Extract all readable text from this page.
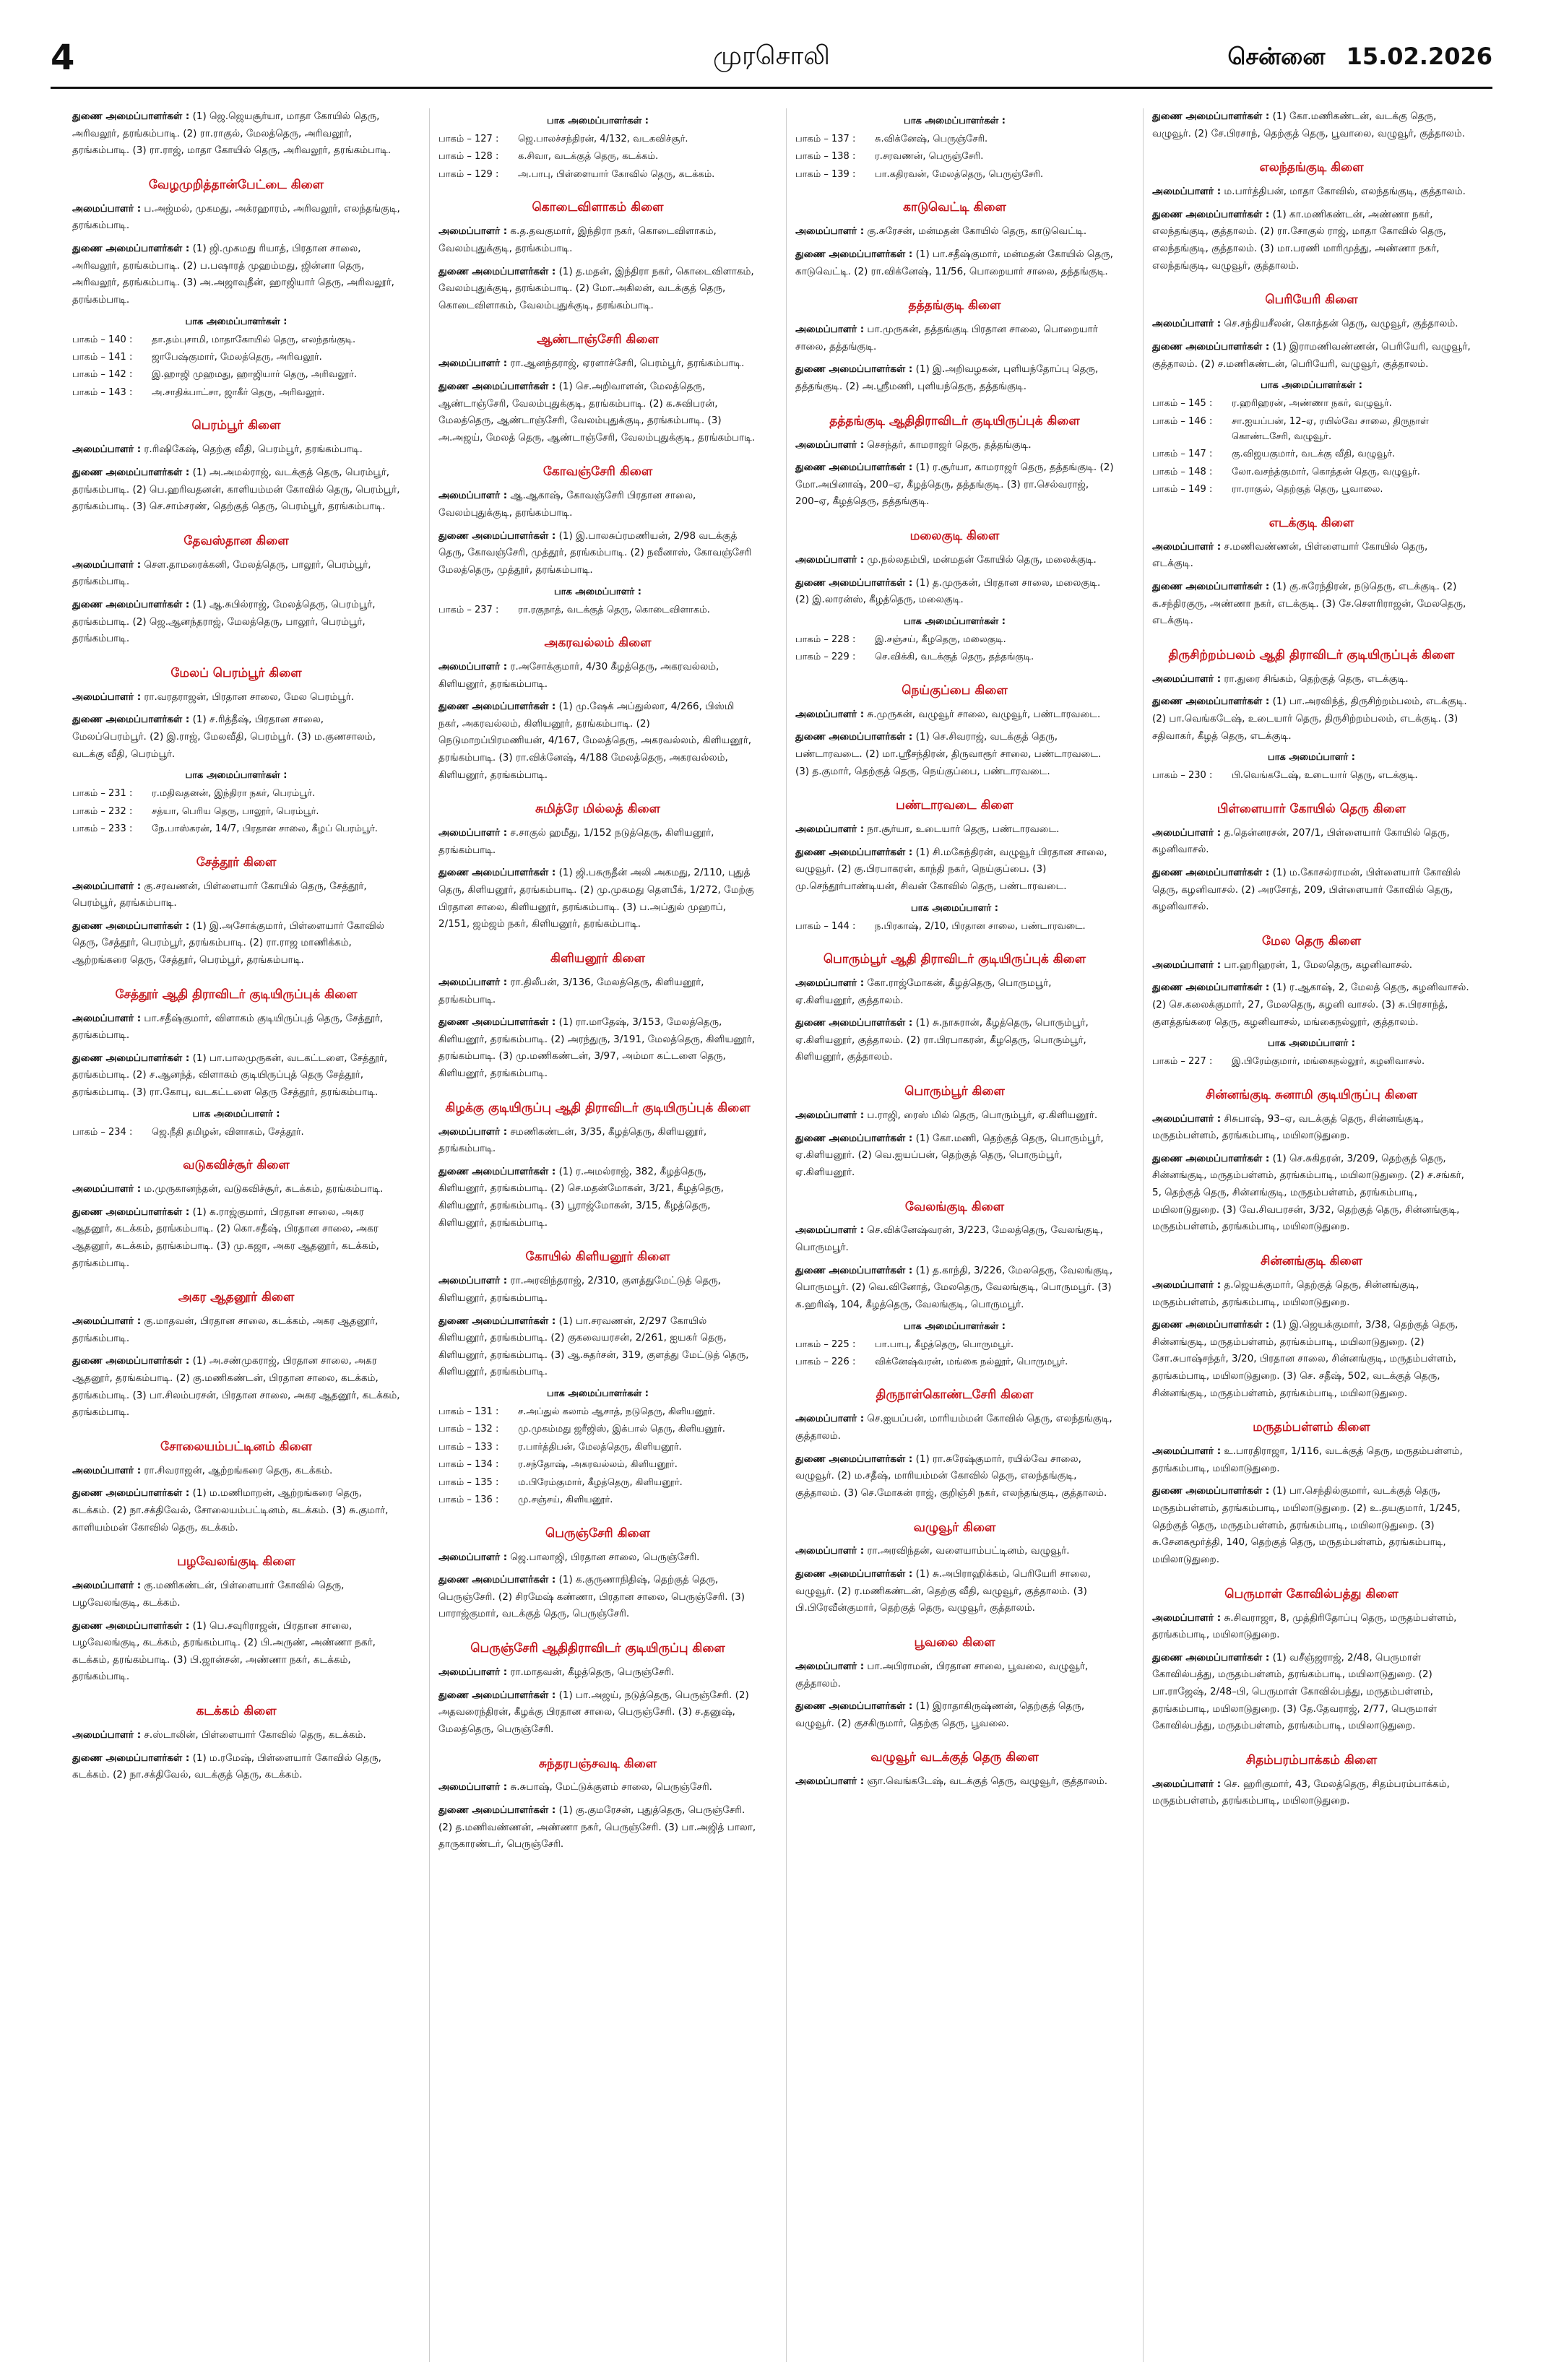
4	முரசொலி	சென்னை 15.02.2026

துணை அமைப்பாளர்கள் : (1) ஜெ.ஜெயசூர்யா, மாதா கோயில் தெரு, அரிவலூர், தரங்கம்பாடி. (2) ரா.ராகுல், மேலத்தெரு, அரிவலூர், தரங்கம்பாடி. (3) ரா.ராஜ், மாதா கோயில் தெரு, அரிவலூர், தரங்கம்பாடி.

வேழமுறித்தான்பேட்டை கிளை

அமைப்பாளர் : ப.அஜ்மல், முகமது, அக்ரஹாரம், அரிவலூர், எலந்தங்குடி, தரங்கம்பாடி.

துணை அமைப்பாளர்கள் : (1) ஜி.முகமது ரியாத், பிரதான சாலை, அரிவலூர், தரங்கம்பாடி. (2) ப.பஷாரத் முஹம்மது, ஜின்னா தெரு, அரிவலூர், தரங்கம்பாடி. (3) அ.அஜாவுதீன், ஹாஜியார் தெரு, அரிவலூர், தரங்கம்பாடி.

பாக அமைப்பாளர்கள் :
பாகம் – 140 :	தா.தம்புசாமி, மாதாகோயில் தெரு, எலந்தங்குடி.
பாகம் – 141 :	ஜாபேஷ்குமார், மேலத்தெரு, அரிவலூர்.
பாகம் – 142 :	இ.ஹாஜி முஹமது, ஹாஜியார் தெரு, அரிவலூர்.
பாகம் – 143 :	அ.சாதிக்பாட்சா, ஜாகீர் தெரு, அரிவலூர்.
பெரம்பூர் கிளை

அமைப்பாளர் : ர.ரிஷிகேஷ், தெற்கு வீதி, பெரம்பூர், தரங்கம்பாடி.

துணை அமைப்பாளர்கள் : (1) அ.அமல்ராஜ், வடக்குத் தெரு, பெரம்பூர், தரங்கம்பாடி. (2) பெ.ஹரிவதனன், காளியம்மன் கோவில் தெரு, பெரம்பூர், தரங்கம்பாடி. (3) செ.சாம்சரண், தெற்குத் தெரு, பெரம்பூர், தரங்கம்பாடி.

தேவஸ்தான கிளை

அமைப்பாளர் : செள.தாமரைக்கனி, மேலத்தெரு, பாலூர், பெரம்பூர், தரங்கம்பாடி.

துணை அமைப்பாளர்கள் : (1) ஆ.சுபில்ராஜ், மேலத்தெரு, பெரம்பூர், தரங்கம்பாடி. (2) ஜெ.ஆனந்தராஜ், மேலத்தெரு, பாலூர், பெரம்பூர், தரங்கம்பாடி.

மேலப் பெரம்பூர் கிளை

அமைப்பாளர் : ரா.வரதராஜன், பிரதான சாலை, மேல பெரம்பூர்.

துணை அமைப்பாளர்கள் : (1) ச.ரித்தீஷ், பிரதான சாலை, மேலப்பெரம்பூர். (2) இ.ராஜ், மேலவீதி, பெரம்பூர். (3) ம.குணசாலம், வடக்கு வீதி, பெரம்பூர்.

பாக அமைப்பாளர்கள் :
பாகம் – 231 :	ர.மதிவதனன், இந்திரா நகர், பெரம்பூர்.
பாகம் – 232 :	சத்யா, பெரிய தெரு, பாலூர், பெரம்பூர்.
பாகம் – 233 :	நே.பாஸ்கரன், 14/7, பிரதான சாலை, கீழப் பெரம்பூர்.
சேத்தூர் கிளை

அமைப்பாளர் : கு.சரவணன், பிள்ளையார் கோயில் தெரு, சேத்தூர், பெரம்பூர், தரங்கம்பாடி.

துணை அமைப்பாளர்கள் : (1) இ.அசோக்குமார், பிள்ளையார் கோவில் தெரு, சேத்தூர், பெரம்பூர், தரங்கம்பாடி. (2) ரா.ராஜ மாணிக்கம், ஆற்றங்கரை தெரு, சேத்தூர், பெரம்பூர், தரங்கம்பாடி.

சேத்தூர் ஆதி திராவிடர் குடியிருப்புக் கிளை

அமைப்பாளர் : பா.சதீஷ்குமார், விளாகம் குடியிருப்புத் தெரு, சேத்தூர், தரங்கம்பாடி.

துணை அமைப்பாளர்கள் : (1) பா.பாலமுருகன், வடகட்டளை, சேத்தூர், தரங்கம்பாடி. (2) ச.ஆனந்த், விளாகம் குடியிருப்புத் தெரு சேத்தூர், தரங்கம்பாடி. (3) ரா.கோபு, வடகட்டளை தெரு சேத்தூர், தரங்கம்பாடி.

பாக அமைப்பாளர் :
பாகம் – 234 :	ஜெ.நீதி தமிழன், விளாகம், சேத்தூர்.
வடுகவிச்சூர் கிளை

அமைப்பாளர் : ம.முருகானந்தன், வடுகவிச்சூர், கடக்கம், தரங்கம்பாடி.

துணை அமைப்பாளர்கள் : (1) க.ராஜ்குமார், பிரதான சாலை, அகர ஆதனூர், கடக்கம், தரங்கம்பாடி. (2) கொ.சதீஷ், பிரதான சாலை, அகர ஆதனூர், கடக்கம், தரங்கம்பாடி. (3) மு.கஜா, அகர ஆதனூர், கடக்கம், தரங்கம்பாடி.

அகர ஆதனூர் கிளை

அமைப்பாளர் : கு.மாதவன், பிரதான சாலை, கடக்கம், அகர ஆதனூர், தரங்கம்பாடி.

துணை அமைப்பாளர்கள் : (1) அ.சண்முகராஜ், பிரதான சாலை, அகர ஆதனூர், தரங்கம்பாடி. (2) கு.மணிகண்டன், பிரதான சாலை, கடக்கம், தரங்கம்பாடி. (3) பா.சிலம்பரசன், பிரதான சாலை, அகர ஆதனூர், கடக்கம், தரங்கம்பாடி.

சோலையம்பட்டினம் கிளை

அமைப்பாளர் : ரா.சிவராஜன், ஆற்றங்கரை தெரு, கடக்கம்.

துணை அமைப்பாளர்கள் : (1) ம.மணிமாறன், ஆற்றங்கரை தெரு, கடக்கம். (2) நா.சக்திவேல், சோலையம்பட்டினம், கடக்கம். (3) சு.குமார், காளியம்மன் கோவில் தெரு, கடக்கம்.

பழவேலங்குடி கிளை

அமைப்பாளர் : கு.மணிகண்டன், பிள்ளையார் கோவில் தெரு, பழவேலங்குடி, கடக்கம்.

துணை அமைப்பாளர்கள் : (1) பெ.சவுரிராஜன், பிரதான சாலை, பழவேலங்குடி, கடக்கம், தரங்கம்பாடி. (2) பி.அருண், அண்ணா நகர், கடக்கம், தரங்கம்பாடி. (3) பி.ஜான்சன், அண்ணா நகர், கடக்கம், தரங்கம்பாடி.

கடக்கம் கிளை

அமைப்பாளர் : ச.ஸ்டாலின், பிள்ளையார் கோவில் தெரு, கடக்கம்.

துணை அமைப்பாளர்கள் : (1) ம.ரமேஷ், பிள்ளையார் கோவில் தெரு, கடக்கம். (2) நா.சக்திவேல், வடக்குத் தெரு, கடக்கம்.

பாக அமைப்பாளர்கள் :
பாகம் – 127 :	ஜெ.பாலச்சந்திரன், 4/132, வடகவிச்சூர்.
பாகம் – 128 :	க.சிவா, வடக்குத் தெரு, கடக்கம்.
பாகம் – 129 :	அ.பாபு, பிள்ளையார் கோவில் தெரு, கடக்கம்.
கொடைவிளாகம் கிளை

அமைப்பாளர் : க.த.தவகுமார், இந்திரா நகர், கொடைவிளாகம், வேலம்புதுக்குடி, தரங்கம்பாடி.

துணை அமைப்பாளர்கள் : (1) த.மதன், இந்திரா நகர், கொடைவிளாகம், வேலம்புதுக்குடி, தரங்கம்பாடி. (2) மோ.அகிலன், வடக்குத் தெரு, கொடைவிளாகம், வேலம்புதுக்குடி, தரங்கம்பாடி.

ஆண்டாஞ்சேரி கிளை

அமைப்பாளர் : ரா.ஆனந்தராஜ், ஏரளாச்சேரி, பெரம்பூர், தரங்கம்பாடி.

துணை அமைப்பாளர்கள் : (1) செ.அறிவாளன், மேலத்தெரு, ஆண்டாஞ்சேரி, வேலம்புதுக்குடி, தரங்கம்பாடி. (2) க.சுவிபரன், மேலத்தெரு, ஆண்டாஞ்சேரி, வேலம்புதுக்குடி, தரங்கம்பாடி. (3) அ.அஜய், மேலத் தெரு, ஆண்டாஞ்சேரி, வேலம்புதுக்குடி, தரங்கம்பாடி.

கோவஞ்சேரி கிளை

அமைப்பாளர் : ஆ.ஆகாஷ், கோவஞ்சேரி பிரதான சாலை, வேலம்புதுக்குடி, தரங்கம்பாடி.

துணை அமைப்பாளர்கள் : (1) இ.பாலசுப்ரமணியன், 2/98 வடக்குத் தெரு, கோவஞ்சேரி, முத்தூர், தரங்கம்பாடி. (2) நவீனாஸ், கோவஞ்சேரி மேலத்தெரு, முத்தூர், தரங்கம்பாடி.

பாக அமைப்பாளர் :
பாகம் – 237 :	ரா.ரகுநாத், வடக்குத் தெரு, கொடைவிளாகம்.
அகரவல்லம் கிளை

அமைப்பாளர் : ர.அசோக்குமார், 4/30 கீழத்தெரு, அகரவல்லம், கிளியனூர், தரங்கம்பாடி.

துணை அமைப்பாளர்கள் : (1) மு.ஷேக் அப்துல்லா, 4/266, பிஸ்மி நகர், அகரவல்லம், கிளியனூர், தரங்கம்பாடி. (2) நெடுமாறப்பிரமணியன், 4/167, மேலத்தெரு, அகரவல்லம், கிளியனூர், தரங்கம்பாடி. (3) ரா.விக்னேஷ், 4/188 மேலத்தெரு, அகரவல்லம், கிளியனூர், தரங்கம்பாடி.

சுமித்ரே மில்லத் கிளை

அமைப்பாளர் : ச.சாகுல் ஹமீது, 1/152 நடுத்தெரு, கிளியனூர், தரங்கம்பாடி.

துணை அமைப்பாளர்கள் : (1) ஜி.பசுருதீன் அலி அகமது, 2/110, புதுத் தெரு, கிளியனூர், தரங்கம்பாடி. (2) மு.முகமது தௌபீக், 1/272, மேற்கு பிரதான சாலை, கிளியனூர், தரங்கம்பாடி. (3) ப.அப்துல் முஹாப், 2/151, ஜம்ஜம் நகர், கிளியனூர், தரங்கம்பாடி.

கிளியனூர் கிளை

அமைப்பாளர் : ரா.திலீபன், 3/136, மேலத்தெரு, கிளியனூர், தரங்கம்பாடி.

துணை அமைப்பாளர்கள் : (1) ரா.மாதேஷ், 3/153, மேலத்தெரு, கிளியனூர், தரங்கம்பாடி. (2) அரந்துரு, 3/191, மேலத்தெரு, கிளியனூர், தரங்கம்பாடி. (3) மு.மணிகண்டன், 3/97, அம்மா கட்டளை தெரு, கிளியனூர், தரங்கம்பாடி.

கிழக்கு குடியிருப்பு ஆதி திராவிடர் குடியிருப்புக் கிளை

அமைப்பாளர் : சமணிகண்டன், 3/35, கீழத்தெரு, கிளியனூர், தரங்கம்பாடி.

துணை அமைப்பாளர்கள் : (1) ர.அமல்ராஜ், 382, கீழத்தெரு, கிளியனூர், தரங்கம்பாடி. (2) செ.மதன்மோகன், 3/21, கீழத்தெரு, கிளியனூர், தரங்கம்பாடி. (3) பூராஜ்மோகன், 3/15, கீழத்தெரு, கிளியனூர், தரங்கம்பாடி.

கோயில் கிளியனூர் கிளை

அமைப்பாளர் : ரா.அரவிந்தராஜ், 2/310, குளத்துமேட்டுத் தெரு, கிளியனூர், தரங்கம்பாடி.

துணை அமைப்பாளர்கள் : (1) பா.சரவணன், 2/297 கோயில் கிளியனூர், தரங்கம்பாடி. (2) குகவையரசன், 2/261, ஐயகர் தெரு, கிளியனூர், தரங்கம்பாடி. (3) ஆ.சுதர்சன், 319, குளத்து மேட்டுத் தெரு, கிளியனூர், தரங்கம்பாடி.

பாக அமைப்பாளர்கள் :
பாகம் – 131 :	ச.அப்துல் கலாம் ஆசாத், நடுதெரு, கிளியனூர்.
பாகம் – 132 :	மு.முகம்மது ஜரீஜிஸ், இக்பால் தெரு, கிளியனூர்.
பாகம் – 133 :	ர.பார்த்திபன், மேலத்தெரு, கிளியனூர்.
பாகம் – 134 :	ர.சந்தோஷ், அகரவல்லம், கிளியனூர்.
பாகம் – 135 :	ம.பிரேம்குமார், கீழத்தெரு, கிளியனூர்.
பாகம் – 136 :	மு.சஞ்சய், கிளியனூர்.
பெருஞ்சேரி கிளை

அமைப்பாளர் : ஜெ.பாலாஜி, பிரதான சாலை, பெருஞ்சேரி.

துணை அமைப்பாளர்கள் : (1) க.குருணாநிதிஷ், தெற்குத் தெரு, பெருஞ்சேரி. (2) சிரமேஷ் கண்ணா, பிரதான சாலை, பெருஞ்சேரி. (3) பாராஜ்குமார், வடக்குத் தெரு, பெருஞ்சேரி.

பெருஞ்சேரி ஆதிதிராவிடர் குடியிருப்பு கிளை

அமைப்பாளர் : ரா.மாதவன், கீழத்தெரு, பெருஞ்சேரி.

துணை அமைப்பாளர்கள் : (1) பா.அஜய், நடுத்தெரு, பெருஞ்சேரி. (2) அதவரைந்திரன், கீழக்கு பிரதான சாலை, பெருஞ்சேரி. (3) ச.தனுஷ், மேலத்தெரு, பெருஞ்சேரி.

சுந்தரபஞ்சவடி கிளை

அமைப்பாளர் : சு.சுபாஷ், மேட்டுக்குளம் சாலை, பெருஞ்சேரி.

துணை அமைப்பாளர்கள் : (1) கு.குமரேசன், புதுத்தெரு, பெருஞ்சேரி. (2) த.மணிவண்ணன், அண்ணா நகர், பெருஞ்சேரி. (3) பா.அஜித் பாலா, தாருகாரண்டர், பெருஞ்சேரி.

பாக அமைப்பாளர்கள் :
பாகம் – 137 :	சு.விக்னேஷ், பெருஞ்சேரி.
பாகம் – 138 :	ர.சரவணன், பெருஞ்சேரி.
பாகம் – 139 :	பா.கதிரவன், மேலத்தெரு, பெருஞ்சேரி.
காடுவெட்டி கிளை

அமைப்பாளர் : கு.சுரேசன், மன்மதன் கோயில் தெரு, காடுவெட்டி.

துணை அமைப்பாளர்கள் : (1) பா.சதீஷ்குமார், மன்மதன் கோயில் தெரு, காடுவெட்டி. (2) ரா.விக்னேஷ், 11/56, பொறையார் சாலை, தத்தங்குடி.

தத்தங்குடி கிளை

அமைப்பாளர் : பா.முருகன், தத்தங்குடி பிரதான சாலை, பொறையார் சாலை, தத்தங்குடி.

துணை அமைப்பாளர்கள் : (1) இ.அறிவழகன், புளியந்தோப்பு தெரு, தத்தங்குடி. (2) அ.ஸ்ரீமணி, புளியந்தெரு, தத்தங்குடி.

தத்தங்குடி ஆதிதிராவிடர் குடியிருப்புக் கிளை

அமைப்பாளர் : செசந்தர், காமராஜர் தெரு, தத்தங்குடி.

துணை அமைப்பாளர்கள் : (1) ர.சூர்யா, காமராஜர் தெரு, தத்தங்குடி. (2) மோ.அபினாஷ், 200–ஏ, கீழத்தெரு, தத்தங்குடி. (3) ரா.செல்வராஜ், 200–ஏ, கீழத்தெரு, தத்தங்குடி.

மலைகுடி கிளை

அமைப்பாளர் : மு.நல்லதம்பி, மன்மதன் கோயில் தெரு, மலைக்குடி.

துணை அமைப்பாளர்கள் : (1) த.முருகன், பிரதான சாலை, மலைகுடி. (2) இ.லாரன்ஸ், கீழத்தெரு, மலைகுடி.

பாக அமைப்பாளர்கள் :
பாகம் – 228 :	இ.சஞ்சய், கீழதெரு, மலைகுடி.
பாகம் – 229 :	செ.விக்கி, வடக்குத் தெரு, தத்தங்குடி.
நெய்குப்பை கிளை

அமைப்பாளர் : சு.முருகன், வழுவூர் சாலை, வழுவூர், பண்டாரவடை.

துணை அமைப்பாளர்கள் : (1) செ.சிவராஜ், வடக்குத் தெரு, பண்டாரவடை. (2) மா.ஸ்ரீசந்திரன், திருவாரூர் சாலை, பண்டாரவடை. (3) த.குமார், தெற்குத் தெரு, நெய்குப்பை, பண்டாரவடை.

பண்டாரவடை கிளை

அமைப்பாளர் : நா.சூர்யா, உடையார் தெரு, பண்டாரவடை.

துணை அமைப்பாளர்கள் : (1) சி.மகேந்திரன், வழுவூர் பிரதான சாலை, வழுவூர். (2) கு.பிரபாகரன், காந்தி நகர், நெய்குப்பை. (3) மு.செந்தூர்பாண்டியன், சிவன் கோவில் தெரு, பண்டாரவடை.

பாக அமைப்பாளர் :
பாகம் – 144 :	ந.பிரகாஷ், 2/10, பிரதான சாலை, பண்டாரவடை.
பொரும்பூர் ஆதி திராவிடர் குடியிருப்புக் கிளை

அமைப்பாளர் : கோ.ராஜ்மோகன், கீழத்தெரு, பொருமபூர், ஏ.கிளியனூர், குத்தாலம்.

துணை அமைப்பாளர்கள் : (1) சு.நாசுரான், கீழத்தெரு, பொரும்பூர், ஏ.கிளியனூர், குத்தாலம். (2) ரா.பிரபாகரன், கீழதெரு, பொரும்பூர், கிளியனூர், குத்தாலம்.

பொரும்பூர் கிளை

அமைப்பாளர் : ப.ராஜி, ரைஸ் மில் தெரு, பொரும்பூர், ஏ.கிளியனூர்.

துணை அமைப்பாளர்கள் : (1) கோ.மணி, தெற்குத் தெரு, பொரும்பூர், ஏ.கிளியனூர். (2) வெ.ஐயப்பன், தெற்குத் தெரு, பொரும்பூர், ஏ.கிளியனூர்.

வேலங்குடி கிளை

அமைப்பாளர் : செ.விக்னேஷ்வரன், 3/223, மேலத்தெரு, வேலங்குடி, பொருமபூர்.

துணை அமைப்பாளர்கள் : (1) த.காந்தி, 3/226, மேலதெரு, வேலங்குடி, பொருமபூர். (2) வெ.வினோத், மேலதெரு, வேலங்குடி, பொருமபூர். (3) க.ஹரிஷ், 104, கீழத்தெரு, வேலங்குடி, பொருமபூர்.

பாக அமைப்பாளர்கள் :
பாகம் – 225 :	பா.பாபு, கீழத்தெரு, பொருமபூர்.
பாகம் – 226 :	விக்னேஷ்வரன், மங்கை நல்லூர், பொருமபூர்.
திருநாள்கொண்டசேரி கிளை

அமைப்பாளர் : செ.ஐயப்பன், மாரியம்மன் கோவில் தெரு, எலந்தங்குடி, குத்தாலம்.

துணை அமைப்பாளர்கள் : (1) ரா.சுரேஷ்குமார், ரயில்வே சாலை, வழுவூர். (2) ம.சதீஷ், மாரியம்மன் கோவில் தெரு, எலந்தங்குடி, குத்தாலம். (3) செ.மோகன் ராஜ், குறிஞ்சி நகர், எலந்தங்குடி, குத்தாலம்.

வழுவூர் கிளை

அமைப்பாளர் : ரா.அரவிந்தன், வளையாம்பட்டினம், வழுவூர்.

துணை அமைப்பாளர்கள் : (1) சு.அபிராஹிக்கம், பெரியேரி சாலை, வழுவூர். (2) ர.மணிகண்டன், தெற்கு வீதி, வழுவூர், குத்தாலம். (3) பி.பிரேவீன்குமார், தெற்குத் தெரு, வழுவூர், குத்தாலம்.

பூவலை கிளை

அமைப்பாளர் : பா.அபிராமன், பிரதான சாலை, பூவலை, வழுவூர், குத்தாலம்.

துணை அமைப்பாளர்கள் : (1) இராதாகிருஷ்ணன், தெற்குத் தெரு, வழுவூர். (2) குசகிருமார், தெற்கு தெரு, பூவலை.

வழுவூர் வடக்குத் தெரு கிளை

அமைப்பாளர் : ஞா.வெங்கடேஷ், வடக்குத் தெரு, வழுவூர், குத்தாலம்.

துணை அமைப்பாளர்கள் : (1) கோ.மணிகண்டன், வடக்கு தெரு, வழுவூர். (2) சே.பிரசாந், தெற்குத் தெரு, பூவாலை, வழுவூர், குத்தாலம்.

எலந்தங்குடி கிளை

அமைப்பாளர் : ம.பார்த்திபன், மாதா கோவில், எலந்தங்குடி, குத்தாலம்.

துணை அமைப்பாளர்கள் : (1) கா.மணிகண்டன், அண்ணா நகர், எலந்தங்குடி, குத்தாலம். (2) ரா.சோகுல் ராஜ், மாதா கோவில் தெரு, எலந்தங்குடி, குத்தாலம். (3) மா.பரணி மாரிமுத்து, அண்ணா நகர், எலந்தங்குடி, வழுவூர், குத்தாலம்.

பெரியேரி கிளை

அமைப்பாளர் : செ.சந்தியசீலன், கொத்தன் தெரு, வழுவூர், குத்தாலம்.

துணை அமைப்பாளர்கள் : (1) இராமணிவண்ணன், பெரியேரி, வழுவூர், குத்தாலம். (2) ச.மணிகண்டன், பெரியேரி, வழுவூர், குத்தாலம்.

பாக அமைப்பாளர்கள் :
பாகம் – 145 :	ர.ஹரிஹரன், அண்ணா நகர், வழுவூர்.
பாகம் – 146 :	சா.ஐயப்பன், 12–ஏ, ரயில்வே சாலை, திருநாள் கொண்டசேரி, வழுவூர்.
பாகம் – 147 :	கு.விஜயகுமார், வடக்கு வீதி, வழுவூர்.
பாகம் – 148 :	லோ.வசந்த்குமார், கொத்தன் தெரு, வழுவூர்.
பாகம் – 149 :	ரா.ராகுல், தெற்குத் தெரு, பூவாலை.
எடக்குடி கிளை

அமைப்பாளர் : ச.மணிவண்ணன், பிள்ளையார் கோயில் தெரு, எடக்குடி.

துணை அமைப்பாளர்கள் : (1) கு.சுரேந்திரன், நடுதெரு, எடக்குடி. (2) க.சந்திரகுரு, அண்ணா நகர், எடக்குடி. (3) சே.செளரிராஜன், மேலதெரு, எடக்குடி.

திருசிற்றம்பலம் ஆதி திராவிடர் குடியிருப்புக் கிளை

அமைப்பாளர் : ரா.துரை சிங்கம், தெற்குத் தெரு, எடக்குடி.

துணை அமைப்பாளர்கள் : (1) பா.அரவிந்த், திருசிற்றம்பலம், எடக்குடி. (2) பா.வெங்கடேஷ், உடையார் தெரு, திருசிற்றம்பலம், எடக்குடி. (3) சதிவாகர், கீழத் தெரு, எடக்குடி.

பாக அமைப்பாளர் :
பாகம் – 230 :	பி.வெங்கடேஷ், உடையார் தெரு, எடக்குடி.
பிள்ளையார் கோயில் தெரு கிளை

அமைப்பாளர் : த.தென்னரசன், 207/1, பிள்ளையார் கோயில் தெரு, கழனிவாசல்.

துணை அமைப்பாளர்கள் : (1) ம.கோசல்ராமன், பிள்ளையார் கோவில் தெரு, கழனிவாசல். (2) அரசோத், 209, பிள்ளையார் கோவில் தெரு, கழனிவாசல்.

மேல தெரு கிளை

அமைப்பாளர் : பா.ஹரிஹரன், 1, மேலதெரு, கழனிவாசல்.

துணை அமைப்பாளர்கள் : (1) ர.ஆகாஷ், 2, மேலத் தெரு, கழனிவாசல். (2) செ.கலைக்குமார், 27, மேலதெரு, கழனி வாசல். (3) சு.பிரசாந்த், குளத்தங்கரை தெரு, கழனிவாசல், மங்கைநல்லூர், குத்தாலம்.

பாக அமைப்பாளர் :
பாகம் – 227 :	இ.பிரேம்குமார், மங்கைநல்லூர், கழனிவாசல்.
சின்னங்குடி சுனாமி குடியிருப்பு கிளை

அமைப்பாளர் : சிசுபாஷ், 93–ஏ, வடக்குத் தெரு, சின்னங்குடி, மருதம்பள்ளம், தரங்கம்பாடி, மயிலாடுதுறை.

துணை அமைப்பாளர்கள் : (1) செ.சுகிதரன், 3/209, தெற்குத் தெரு, சின்னங்குடி, மருதம்பள்ளம், தரங்கம்பாடி, மயிலாடுதுறை. (2) ச.சங்கர், 5, தெற்குத் தெரு, சின்னங்குடி, மருதம்பள்ளம், தரங்கம்பாடி, மயிலாடுதுறை. (3) வே.சிவபரசன், 3/32, தெற்குத் தெரு, சின்னங்குடி, மருதம்பள்ளம், தரங்கம்பாடி, மயிலாடுதுறை.

சின்னங்குடி கிளை

அமைப்பாளர் : த.ஜெயக்குமார், தெற்குத் தெரு, சின்னங்குடி, மருதம்பள்ளம், தரங்கம்பாடி, மயிலாடுதுறை.

துணை அமைப்பாளர்கள் : (1) இ.ஜெயக்குமார், 3/38, தெற்குத் தெரு, சின்னங்குடி, மருதம்பள்ளம், தரங்கம்பாடி, மயிலாடுதுறை. (2) சோ.சுபாஷ்சந்தர், 3/20, பிரதான சாலை, சின்னங்குடி, மருதம்பள்ளம், தரங்கம்பாடி, மயிலாடுதுறை. (3) செ. சதீஷ், 502, வடக்குத் தெரு, சின்னங்குடி, மருதம்பள்ளம், தரங்கம்பாடி, மயிலாடுதுறை.

மருதம்பள்ளம் கிளை

அமைப்பாளர் : உ.பாரதிராஜா, 1/116, வடக்குத் தெரு, மருதம்பள்ளம், தரங்கம்பாடி, மயிலாடுதுறை.

துணை அமைப்பாளர்கள் : (1) பா.செந்தில்குமார், வடக்குத் தெரு, மருதம்பள்ளம், தரங்கம்பாடி, மயிலாடுதுறை. (2) உ.தயகுமார், 1/245, தெற்குத் தெரு, மருதம்பள்ளம், தரங்கம்பாடி, மயிலாடுதுறை. (3) சு.சேனகமூர்த்தி, 140, தெற்குத் தெரு, மருதம்பள்ளம், தரங்கம்பாடி, மயிலாடுதுறை.

பெருமாள் கோவில்பத்து கிளை

அமைப்பாளர் : சு.சிவராஜா, 8, முத்திரிதோப்பு தெரு, மருதம்பள்ளம், தரங்கம்பாடி, மயிலாடுதுறை.

துணை அமைப்பாளர்கள் : (1) வசீஞ்ஜராஜ், 2/48, பெருமாள் கோவில்பத்து, மருதம்பள்ளம், தரங்கம்பாடி, மயிலாடுதுறை. (2) பா.ராஜேஷ், 2/48–பி, பெருமாள் கோவில்பத்து, மருதம்பள்ளம், தரங்கம்பாடி, மயிலாடுதுறை. (3) தே.தேவராஜ், 2/77, பெருமாள் கோவில்பத்து, மருதம்பள்ளம், தரங்கம்பாடி, மயிலாடுதுறை.

சிதம்பரம்பாக்கம் கிளை

அமைப்பாளர் : செ. ஹரிகுமார், 43, மேலத்தெரு, சிதம்பரம்பாக்கம், மருதம்பள்ளம், தரங்கம்பாடி, மயிலாடுதுறை.
